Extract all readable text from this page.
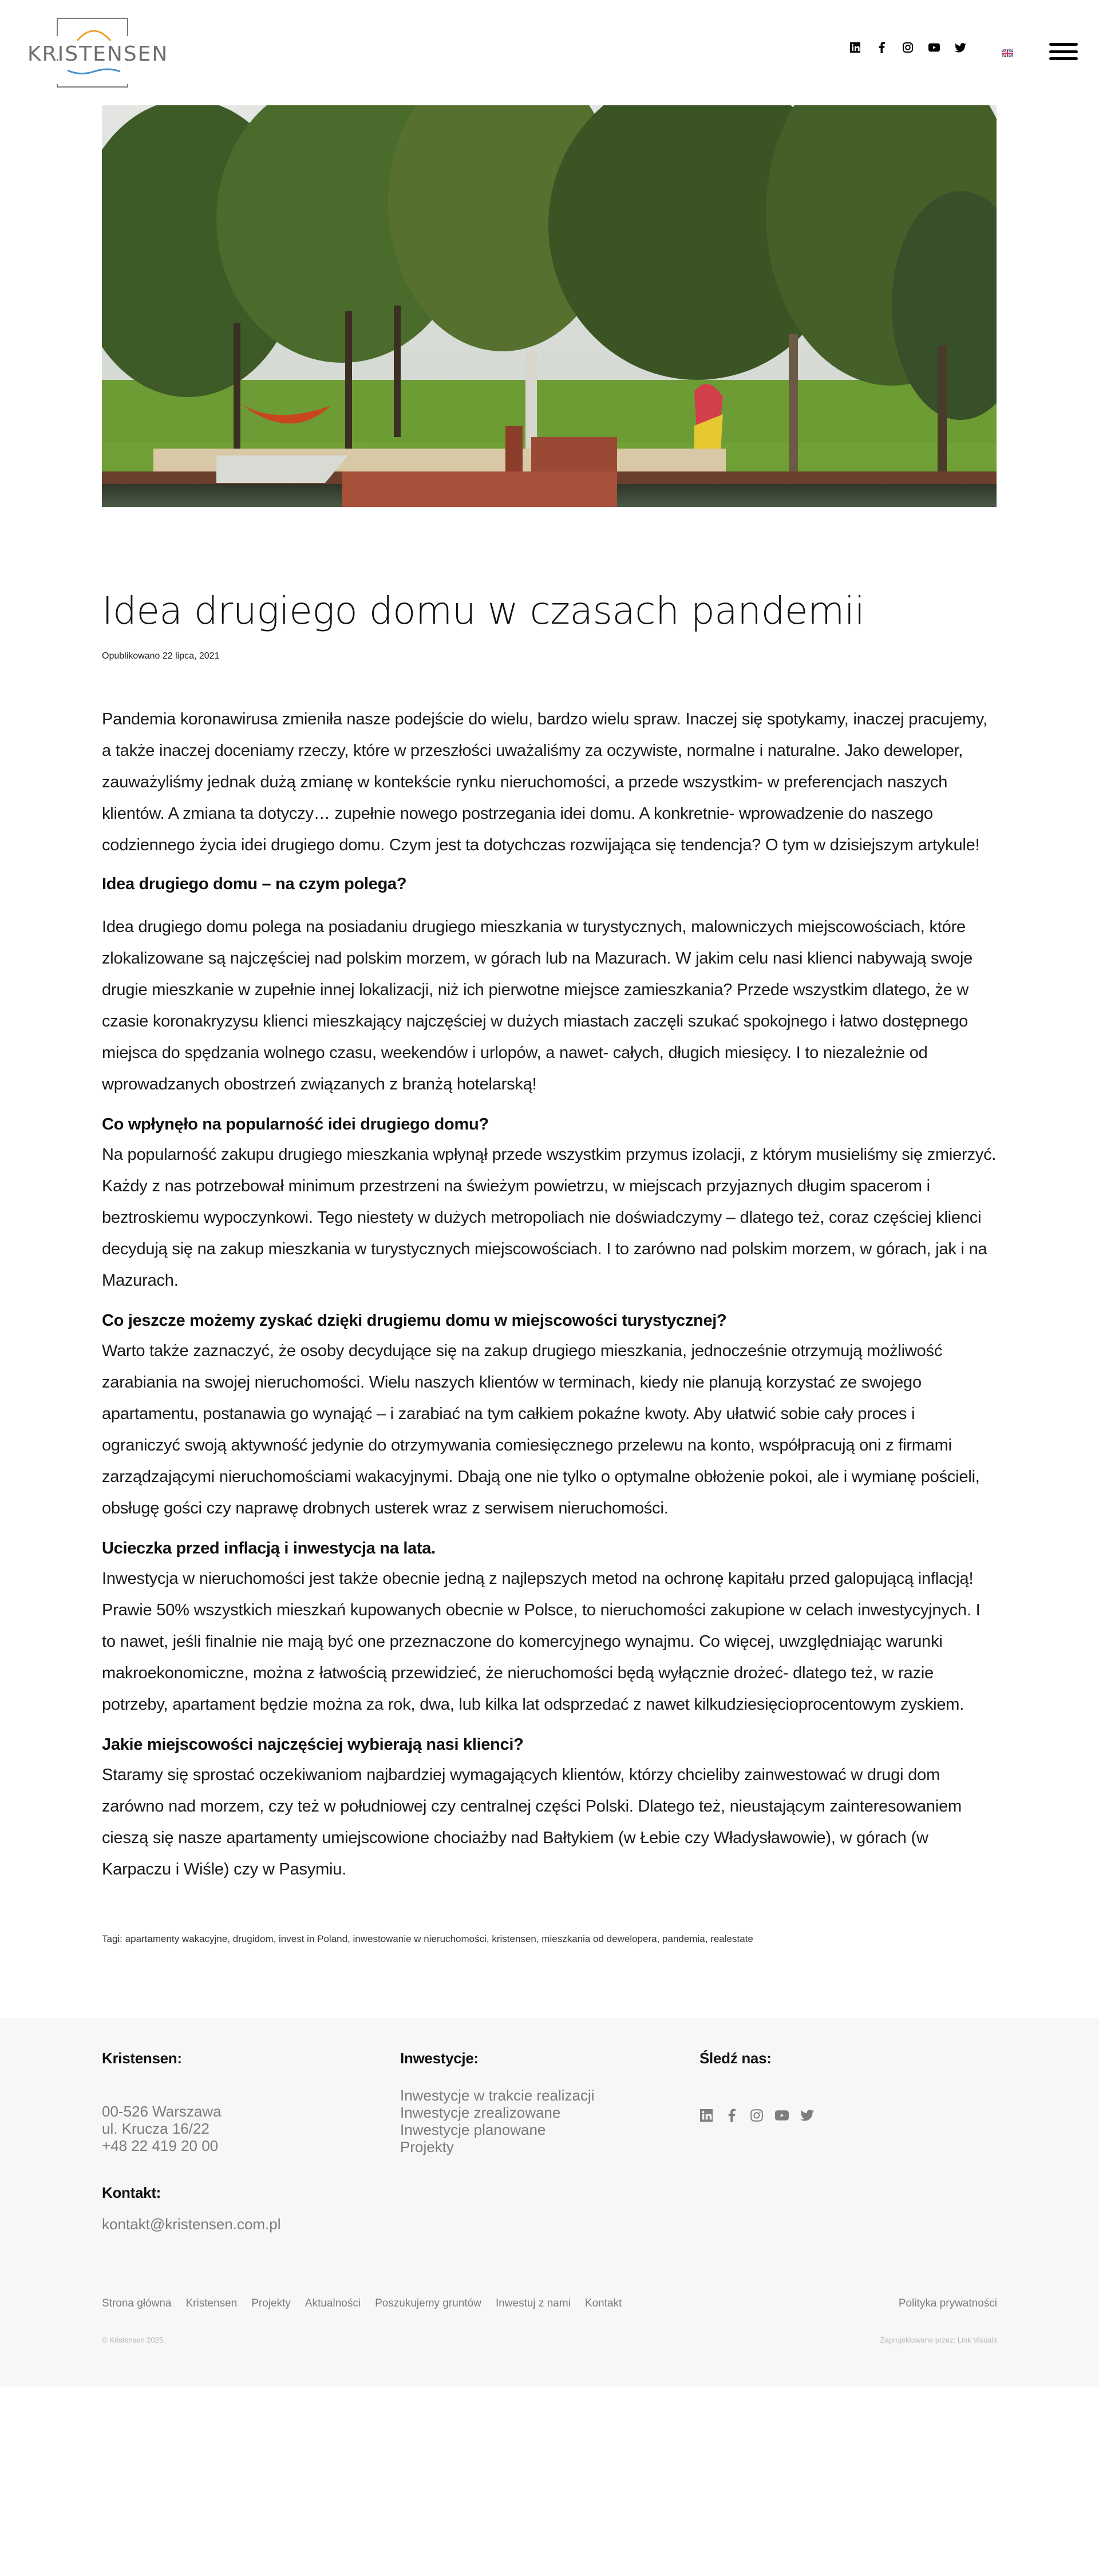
KRISTENSEN
Idea drugiego domu w czasach pandemii
Opublikowano 22 lipca, 2021

Pandemia koronawirusa zmieniła nasze podejście do wielu, bardzo wielu spraw. Inaczej się spotykamy, inaczej pracujemy, a także inaczej doceniamy rzeczy, które w przeszłości uważaliśmy za oczywiste, normalne i naturalne. Jako deweloper, zauważyliśmy jednak dużą zmianę w kontekście rynku nieruchomości, a przede wszystkim- w preferencjach naszych klientów. A zmiana ta dotyczy… zupełnie nowego postrzegania idei domu. A konkretnie- wprowadzenie do naszego codziennego życia idei drugiego domu. Czym jest ta dotychczas rozwijająca się tendencja? O tym w dzisiejszym artykule!

Idea drugiego domu – na czym polega?

Idea drugiego domu polega na posiadaniu drugiego mieszkania w turystycznych, malowniczych miejscowościach, które zlokalizowane są najczęściej nad polskim morzem, w górach lub na Mazurach. W jakim celu nasi klienci nabywają swoje drugie mieszkanie w zupełnie innej lokalizacji, niż ich pierwotne miejsce zamieszkania? Przede wszystkim dlatego, że w czasie koronakryzysu klienci mieszkający najczęściej w dużych miastach zaczęli szukać spokojnego i łatwo dostępnego miejsca do spędzania wolnego czasu, weekendów i urlopów, a nawet- całych, długich miesięcy. I to niezależnie od wprowadzanych obostrzeń związanych z branżą hotelarską!

Co wpłynęło na popularność idei drugiego domu?

Na popularność zakupu drugiego mieszkania wpłynął przede wszystkim przymus izolacji, z którym musieliśmy się zmierzyć. Każdy z nas potrzebował minimum przestrzeni na świeżym powietrzu, w miejscach przyjaznych długim spacerom i beztroskiemu wypoczynkowi. Tego niestety w dużych metropoliach nie doświadczymy – dlatego też, coraz częściej klienci decydują się na zakup mieszkania w turystycznych miejscowościach. I to zarówno nad polskim morzem, w górach, jak i na Mazurach.

Co jeszcze możemy zyskać dzięki drugiemu domu w miejscowości turystycznej?

Warto także zaznaczyć, że osoby decydujące się na zakup drugiego mieszkania, jednocześnie otrzymują możliwość zarabiania na swojej nieruchomości. Wielu naszych klientów w terminach, kiedy nie planują korzystać ze swojego apartamentu, postanawia go wynająć – i zarabiać na tym całkiem pokaźne kwoty. Aby ułatwić sobie cały proces i ograniczyć swoją aktywność jedynie do otrzymywania comiesięcznego przelewu na konto, współpracują oni z firmami zarządzającymi nieruchomościami wakacyjnymi. Dbają one nie tylko o optymalne obłożenie pokoi, ale i wymianę pościeli, obsługę gości czy naprawę drobnych usterek wraz z serwisem nieruchomości.

Ucieczka przed inflacją i inwestycja na lata.

Inwestycja w nieruchomości jest także obecnie jedną z najlepszych metod na ochronę kapitału przed galopującą inflacją! Prawie 50% wszystkich mieszkań kupowanych obecnie w Polsce, to nieruchomości zakupione w celach inwestycyjnych. I to nawet, jeśli finalnie nie mają być one przeznaczone do komercyjnego wynajmu. Co więcej, uwzględniając warunki makroekonomiczne, można z łatwością przewidzieć, że nieruchomości będą wyłącznie drożeć- dlatego też, w razie potrzeby, apartament będzie można za rok, dwa, lub kilka lat odsprzedać z nawet kilkudziesięcioprocentowym zyskiem.

Jakie miejscowości najczęściej wybierają nasi klienci?

Staramy się sprostać oczekiwaniom najbardziej wymagających klientów, którzy chcieliby zainwestować w drugi dom zarówno nad morzem, czy też w południowej czy centralnej części Polski. Dlatego też, nieustającym zainteresowaniem cieszą się nasze apartamenty umiejscowione chociażby nad Bałtykiem (w Łebie czy Władysławowie), w górach (w Karpaczu i Wiśle) czy w Pasymiu.

Tagi: apartamenty wakacyjne, drugidom, invest in Poland, inwestowanie w nieruchomości, kristensen, mieszkania od dewelopera, pandemia, realestate
Kristensen:
00-526 Warszawa
ul. Krucza 16/22
+48 22 419 20 00
Kontakt:
kontakt@kristensen.com.pl
Inwestycje:
Inwestycje w trakcie realizacji
Inwestycje zrealizowane
Inwestycje planowane
Projekty
Śledź nas:
Strona główna Kristensen Projekty Aktualności Poszukujemy gruntów Inwestuj z nami Kontakt	Polityka prywatności
© Kristensen 2025.	Zaprojektowane przez: Link Visuals
